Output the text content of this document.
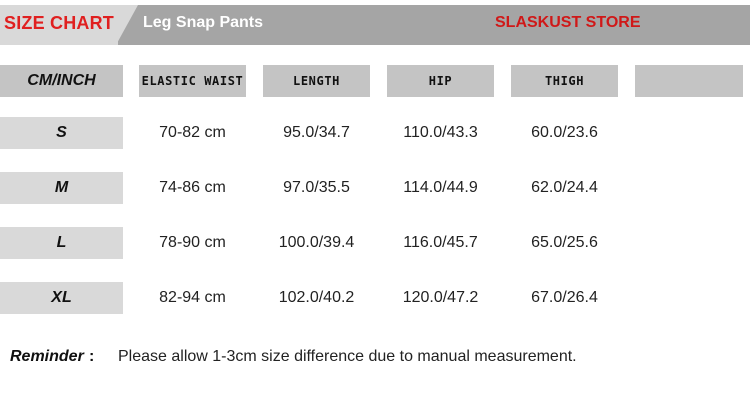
SIZE CHART Leg Snap Pants	SLASKUST STORE
CM/INCH	ELASTIC WAIST	LENGTH	HIP	THIGH
S	70-82 cm	95.0/34.7	110.0/43.3	60.0/23.6
M	74-86 cm	97.0/35.5	114.0/44.9	62.0/24.4
L	78-90 cm	100.0/39.4	116.0/45.7	65.0/25.6
XL	82-94 cm	102.0/40.2	120.0/47.2	67.0/26.4
Reminder : Please allow 1-3cm size difference due to manual measurement.
